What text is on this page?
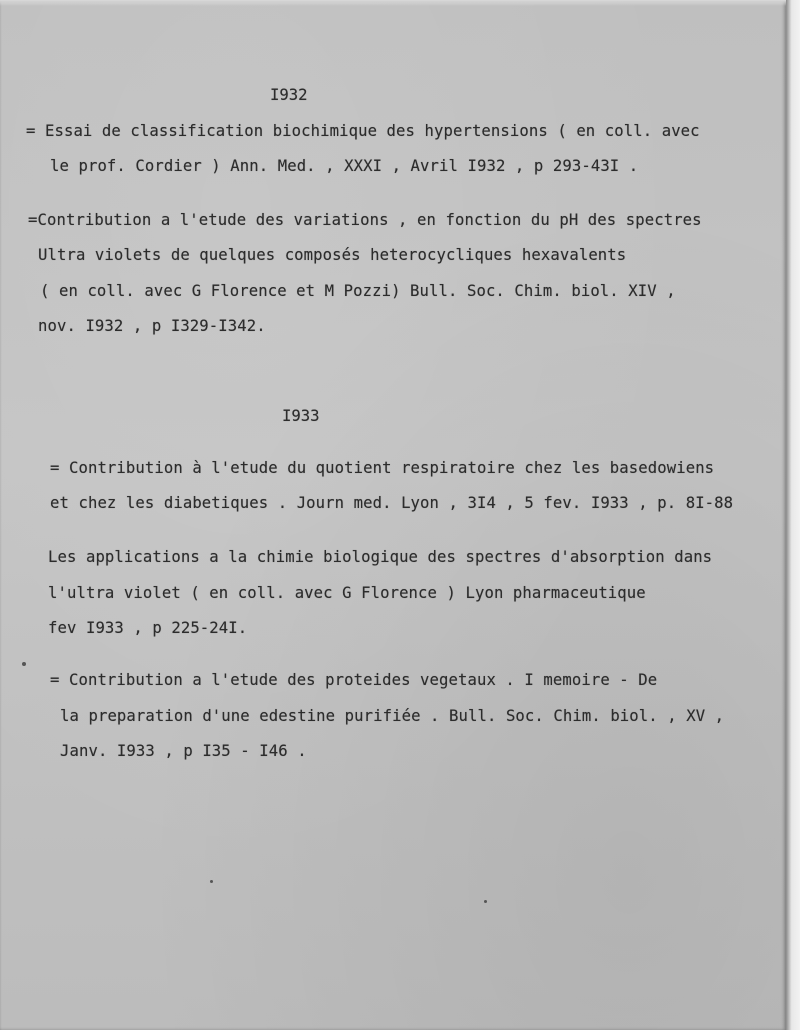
I932
= Essai de classification biochimique des hypertensions ( en coll. avec
le prof. Cordier ) Ann. Med. , XXXI , Avril I932 , p 293-43I .
=Contribution a l'etude des variations , en fonction du pH des spectres
Ultra violets de quelques composés heterocycliques hexavalents
( en coll. avec G Florence et M Pozzi) Bull. Soc. Chim. biol. XIV ,
nov. I932 , p I329-I342.
I933
= Contribution à l'etude du quotient respiratoire chez les basedowiens
et chez les diabetiques . Journ med. Lyon , 3I4 , 5 fev. I933 , p. 8I-88
Les applications a la chimie biologique des spectres d'absorption dans
l'ultra violet ( en coll. avec G Florence ) Lyon pharmaceutique
fev I933 , p 225-24I.
= Contribution a l'etude des proteides vegetaux . I memoire - De
la preparation d'une edestine purifiée . Bull. Soc. Chim. biol. , XV ,
Janv. I933 , p I35 - I46 .
